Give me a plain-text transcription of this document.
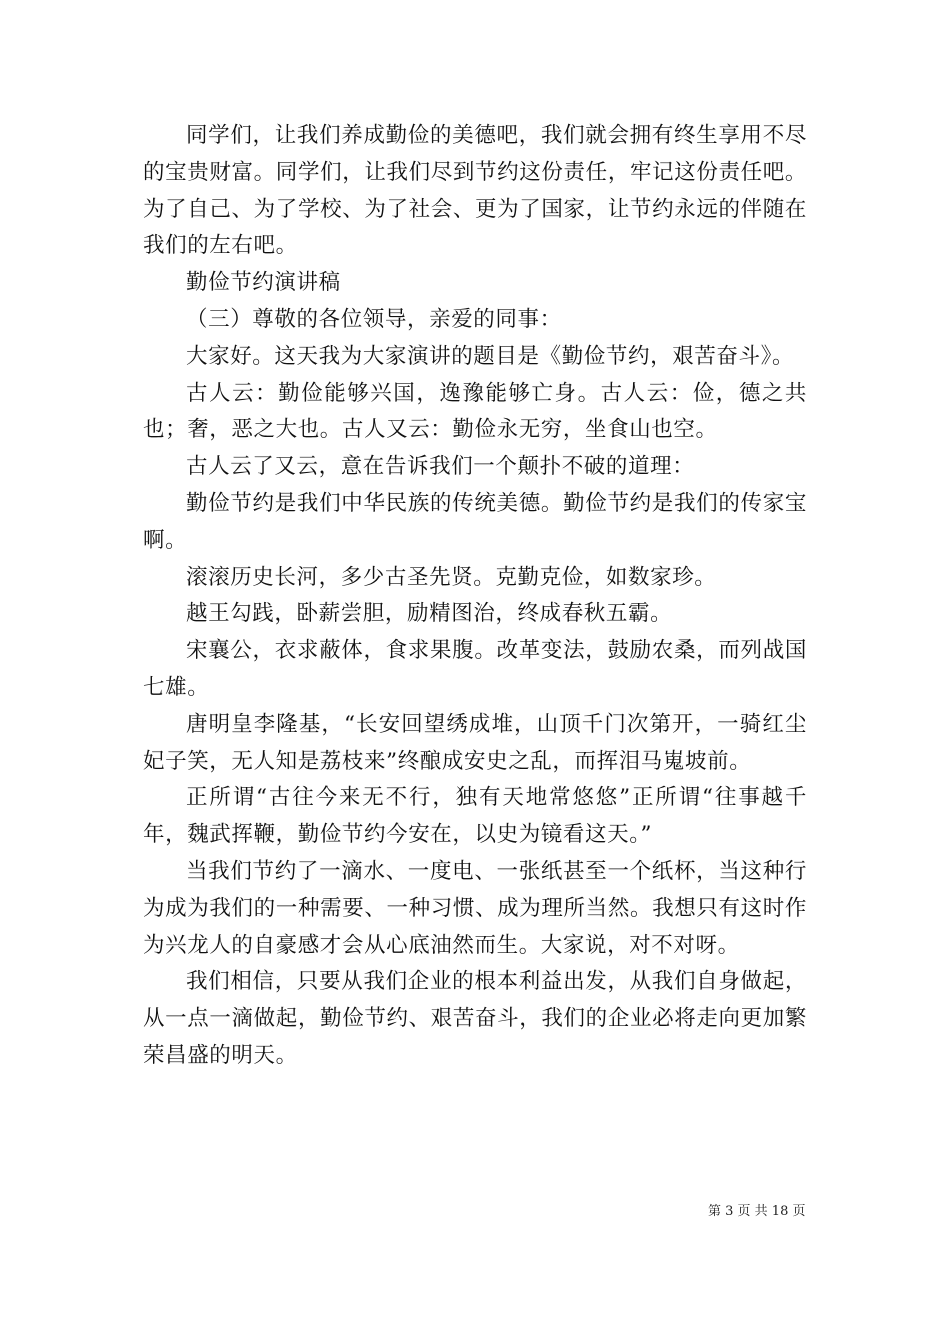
同学们，让我们养成勤俭的美德吧，我们就会拥有终生享用不尽的宝贵财富。同学们，让我们尽到节约这份责任，牢记这份责任吧。为了自己、为了学校、为了社会、更为了国家，让节约永远的伴随在我们的左右吧。

勤俭节约演讲稿

（三）尊敬的各位领导，亲爱的同事：

大家好。这天我为大家演讲的题目是《勤俭节约，艰苦奋斗》。

古人云：勤俭能够兴国，逸豫能够亡身。古人云：俭，德之共也；奢，恶之大也。古人又云：勤俭永无穷，坐食山也空。

古人云了又云，意在告诉我们一个颠扑不破的道理：

勤俭节约是我们中华民族的传统美德。勤俭节约是我们的传家宝啊。

滚滚历史长河，多少古圣先贤。克勤克俭，如数家珍。

越王勾践，卧薪尝胆，励精图治，终成春秋五霸。

宋襄公，衣求蔽体，食求果腹。改革变法，鼓励农桑，而列战国七雄。

唐明皇李隆基，“长安回望绣成堆，山顶千门次第开，一骑红尘妃子笑，无人知是荔枝来”终酿成安史之乱，而挥泪马嵬坡前。

正所谓“古往今来无不行，独有天地常悠悠”正所谓“往事越千年，魏武挥鞭，勤俭节约今安在，以史为镜看这天。”

当我们节约了一滴水、一度电、一张纸甚至一个纸杯，当这种行为成为我们的一种需要、一种习惯、成为理所当然。我想只有这时作为兴龙人的自豪感才会从心底油然而生。大家说，对不对呀。

我们相信，只要从我们企业的根本利益出发，从我们自身做起，从一点一滴做起，勤俭节约、艰苦奋斗，我们的企业必将走向更加繁荣昌盛的明天。

第 3 页 共 18 页
